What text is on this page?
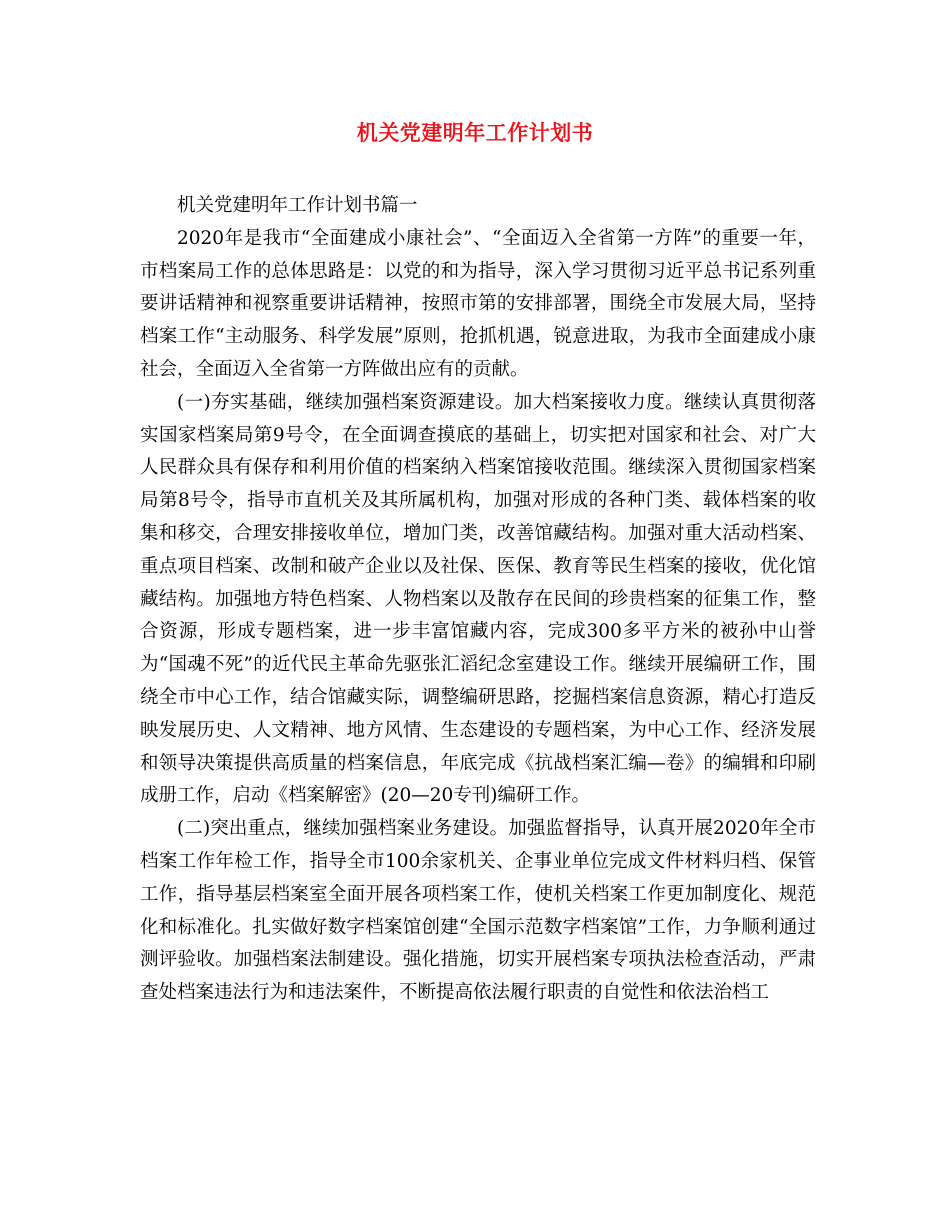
机关党建明年工作计划书

机关党建明年工作计划书篇一

2020年是我市“全面建成小康社会”、“全面迈入全省第一方阵”的重要一年，市档案局工作的总体思路是：以党的和为指导，深入学习贯彻习近平总书记系列重要讲话精神和视察重要讲话精神，按照市第的安排部署，围绕全市发展大局，坚持档案工作“主动服务、科学发展”原则，抢抓机遇，锐意进取，为我市全面建成小康社会，全面迈入全省第一方阵做出应有的贡献。

(一)夯实基础，继续加强档案资源建设。加大档案接收力度。继续认真贯彻落实国家档案局第9号令，在全面调查摸底的基础上，切实把对国家和社会、对广大人民群众具有保存和利用价值的档案纳入档案馆接收范围。继续深入贯彻国家档案局第8号令，指导市直机关及其所属机构，加强对形成的各种门类、载体档案的收集和移交，合理安排接收单位，增加门类，改善馆藏结构。加强对重大活动档案、重点项目档案、改制和破产企业以及社保、医保、教育等民生档案的接收，优化馆藏结构。加强地方特色档案、人物档案以及散存在民间的珍贵档案的征集工作，整合资源，形成专题档案，进一步丰富馆藏内容，完成300多平方米的被孙中山誉为“国魂不死”的近代民主革命先驱张汇滔纪念室建设工作。继续开展编研工作，围绕全市中心工作，结合馆藏实际，调整编研思路，挖掘档案信息资源，精心打造反映发展历史、人文精神、地方风情、生态建设的专题档案，为中心工作、经济发展和领导决策提供高质量的档案信息，年底完成《抗战档案汇编—卷》的编辑和印刷成册工作，启动《档案解密》(20—20专刊)编研工作。

(二)突出重点，继续加强档案业务建设。加强监督指导，认真开展2020年全市档案工作年检工作，指导全市100余家机关、企事业单位完成文件材料归档、保管工作，指导基层档案室全面开展各项档案工作，使机关档案工作更加制度化、规范化和标准化。扎实做好数字档案馆创建“全国示范数字档案馆”工作，力争顺利通过测评验收。加强档案法制建设。强化措施，切实开展档案专项执法检查活动，严肃查处档案违法行为和违法案件，不断提高依法履行职责的自觉性和依法治档工
